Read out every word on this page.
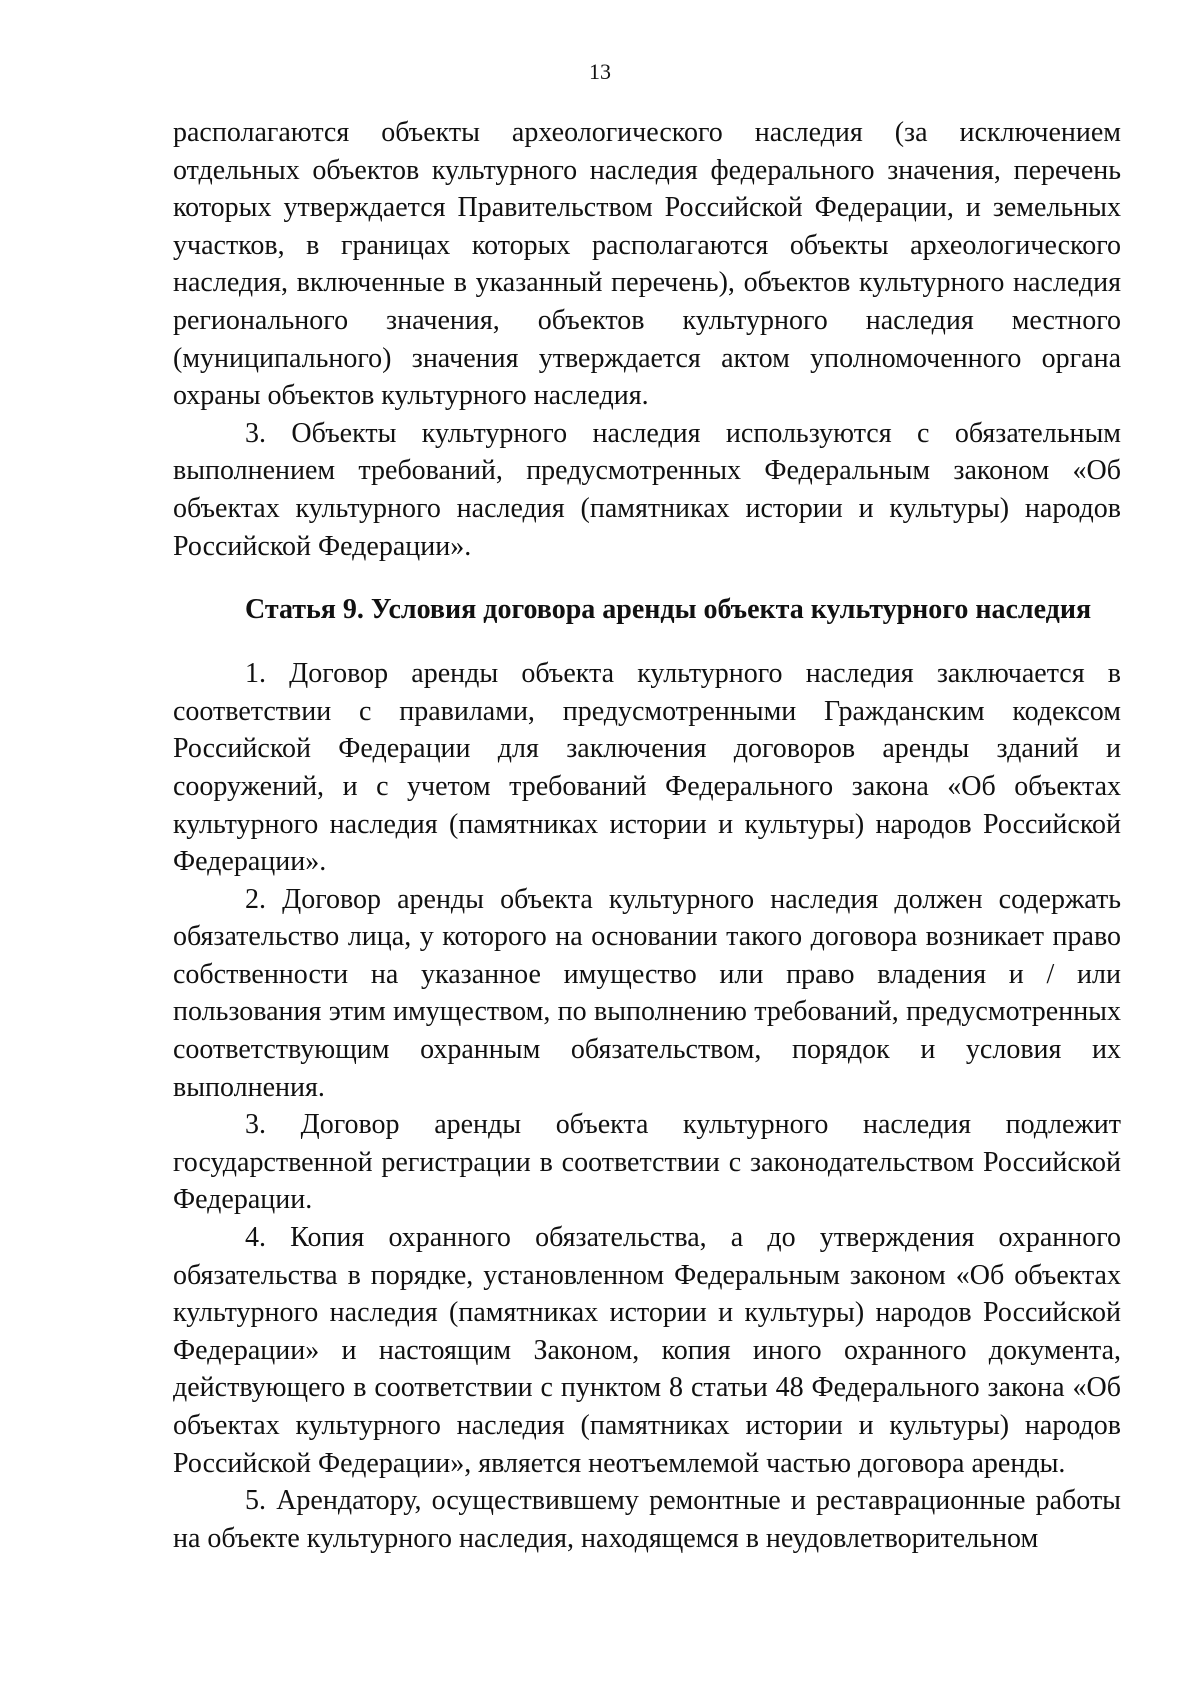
13

располагаются объекты археологического наследия (за исключением отдельных объектов культурного наследия федерального значения, перечень которых утверждается Правительством Российской Федерации, и земельных участков, в границах которых располагаются объекты археологического наследия, включенные в указанный перечень), объектов культурного наследия регионального значения, объектов культурного наследия местного (муниципального) значения утверждается актом уполномоченного органа охраны объектов культурного наследия.

3. Объекты культурного наследия используются с обязательным выполнением требований, предусмотренных Федеральным законом «Об объектах культурного наследия (памятниках истории и культуры) народов Российской Федерации».

Статья 9. Условия договора аренды объекта культурного наследия

1. Договор аренды объекта культурного наследия заключается в соответствии с правилами, предусмотренными Гражданским кодексом Российской Федерации для заключения договоров аренды зданий и сооружений, и с учетом требований Федерального закона «Об объектах культурного наследия (памятниках истории и культуры) народов Российской Федерации».

2. Договор аренды объекта культурного наследия должен содержать обязательство лица, у которого на основании такого договора возникает право собственности на указанное имущество или право владения и / или пользования этим имуществом, по выполнению требований, предусмотренных соответствующим охранным обязательством, порядок и условия их выполнения.

3. Договор аренды объекта культурного наследия подлежит государственной регистрации в соответствии с законодательством Российской Федерации.

4. Копия охранного обязательства, а до утверждения охранного обязательства в порядке, установленном Федеральным законом «Об объектах культурного наследия (памятниках истории и культуры) народов Российской Федерации» и настоящим Законом, копия иного охранного документа, действующего в соответствии с пунктом 8 статьи 48 Федерального закона «Об объектах культурного наследия (памятниках истории и культуры) народов Российской Федерации», является неотъемлемой частью договора аренды.

5. Арендатору, осуществившему ремонтные и реставрационные работы на объекте культурного наследия, находящемся в неудовлетворительном
